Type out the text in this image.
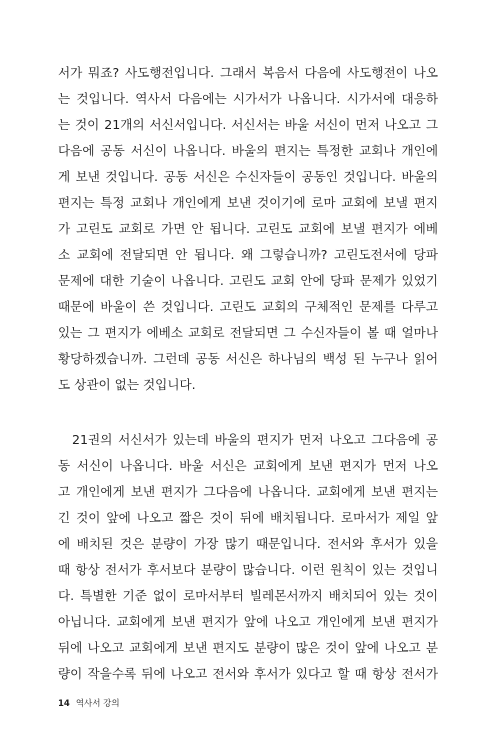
서가 뭐죠? 사도행전입니다. 그래서 복음서 다음에 사도행전이 나오
는 것입니다. 역사서 다음에는 시가서가 나옵니다. 시가서에 대응하
는 것이 21개의 서신서입니다. 서신서는 바울 서신이 먼저 나오고 그
다음에 공동 서신이 나옵니다. 바울의 편지는 특정한 교회나 개인에
게 보낸 것입니다. 공동 서신은 수신자들이 공동인 것입니다. 바울의
편지는 특정 교회나 개인에게 보낸 것이기에 로마 교회에 보낼 편지
가 고린도 교회로 가면 안 됩니다. 고린도 교회에 보낼 편지가 에베
소 교회에 전달되면 안 됩니다. 왜 그렇습니까? 고린도전서에 당파
문제에 대한 기술이 나옵니다. 고린도 교회 안에 당파 문제가 있었기
때문에 바울이 쓴 것입니다. 고린도 교회의 구체적인 문제를 다루고
있는 그 편지가 에베소 교회로 전달되면 그 수신자들이 볼 때 얼마나
황당하겠습니까. 그런데 공동 서신은 하나님의 백성 된 누구나 읽어
도 상관이 없는 것입니다.
21권의 서신서가 있는데 바울의 편지가 먼저 나오고 그다음에 공
동 서신이 나옵니다. 바울 서신은 교회에게 보낸 편지가 먼저 나오
고 개인에게 보낸 편지가 그다음에 나옵니다. 교회에게 보낸 편지는
긴 것이 앞에 나오고 짧은 것이 뒤에 배치됩니다. 로마서가 제일 앞
에 배치된 것은 분량이 가장 많기 때문입니다. 전서와 후서가 있을
때 항상 전서가 후서보다 분량이 많습니다. 이런 원칙이 있는 것입니
다. 특별한 기준 없이 로마서부터 빌레몬서까지 배치되어 있는 것이
아닙니다. 교회에게 보낸 편지가 앞에 나오고 개인에게 보낸 편지가
뒤에 나오고 교회에게 보낸 편지도 분량이 많은 것이 앞에 나오고 분
량이 작을수록 뒤에 나오고 전서와 후서가 있다고 할 때 항상 전서가
14 역사서 강의
